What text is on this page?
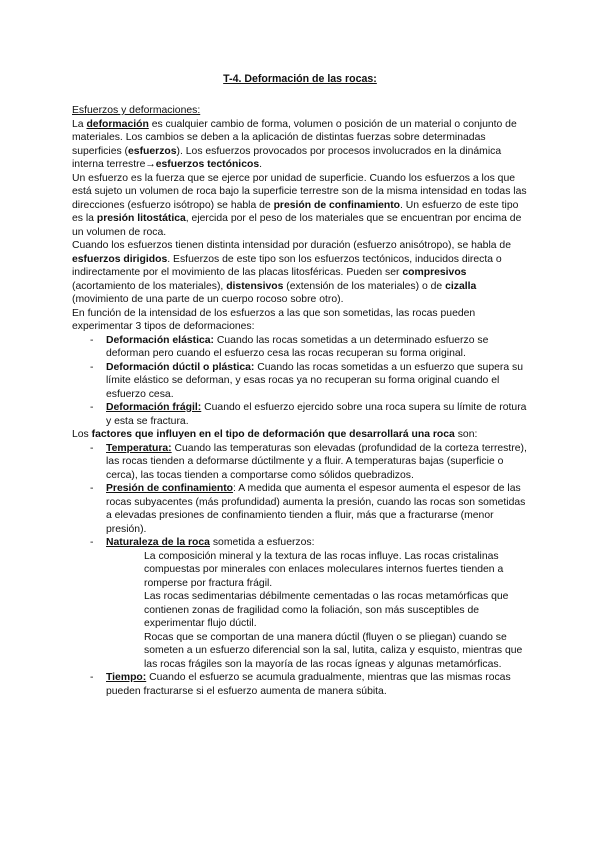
T-4. Deformación de las rocas:

Esfuerzos y deformaciones:

La deformación es cualquier cambio de forma, volumen o posición de un material o conjunto de materiales. Los cambios se deben a la aplicación de distintas fuerzas sobre determinadas superficies (esfuerzos). Los esfuerzos provocados por procesos involucrados en la dinámica interna terrestre→esfuerzos tectónicos.

Un esfuerzo es la fuerza que se ejerce por unidad de superficie. Cuando los esfuerzos a los que está sujeto un volumen de roca bajo la superficie terrestre son de la misma intensidad en todas las direcciones (esfuerzo isótropo) se habla de presión de confinamiento. Un esfuerzo de este tipo es la presión litostática, ejercida por el peso de los materiales que se encuentran por encima de un volumen de roca.

Cuando los esfuerzos tienen distinta intensidad por duración (esfuerzo anisótropo), se habla de esfuerzos dirigidos. Esfuerzos de este tipo son los esfuerzos tectónicos, inducidos directa o indirectamente por el movimiento de las placas litosféricas. Pueden ser compresivos (acortamiento de los materiales), distensivos (extensión de los materiales) o de cizalla (movimiento de una parte de un cuerpo rocoso sobre otro).

En función de la intensidad de los esfuerzos a las que son sometidas, las rocas pueden experimentar 3 tipos de deformaciones:

- Deformación elástica: Cuando las rocas sometidas a un determinado esfuerzo se deforman pero cuando el esfuerzo cesa las rocas recuperan su forma original.
- Deformación dúctil o plástica: Cuando las rocas sometidas a un esfuerzo que supera su límite elástico se deforman, y esas rocas ya no recuperan su forma original cuando el esfuerzo cesa.
- Deformación frágil: Cuando el esfuerzo ejercido sobre una roca supera su límite de rotura y esta se fractura.

Los factores que influyen en el tipo de deformación que desarrollará una roca son:

- Temperatura: Cuando las temperaturas son elevadas (profundidad de la corteza terrestre), las rocas tienden a deformarse dúctilmente y a fluir. A temperaturas bajas (superficie o cerca), las tocas tienden a comportarse como sólidos quebradizos.
- Presión de confinamiento: A medida que aumenta el espesor aumenta el espesor de las rocas subyacentes (más profundidad) aumenta la presión, cuando las rocas son sometidas a elevadas presiones de confinamiento tienden a fluir, más que a fracturarse (menor presión).
- Naturaleza de la roca sometida a esfuerzos:

La composición mineral y la textura de las rocas influye. Las rocas cristalinas compuestas por minerales con enlaces moleculares internos fuertes tienden a romperse por fractura frágil.

Las rocas sedimentarias débilmente cementadas o las rocas metamórficas que contienen zonas de fragilidad como la foliación, son más susceptibles de experimentar flujo dúctil.

Rocas que se comportan de una manera dúctil (fluyen o se pliegan) cuando se someten a un esfuerzo diferencial son la sal, lutita, caliza y esquisto, mientras que las rocas frágiles son la mayoría de las rocas ígneas y algunas metamórficas.

- Tiempo: Cuando el esfuerzo se acumula gradualmente, mientras que las mismas rocas pueden fracturarse si el esfuerzo aumenta de manera súbita.
